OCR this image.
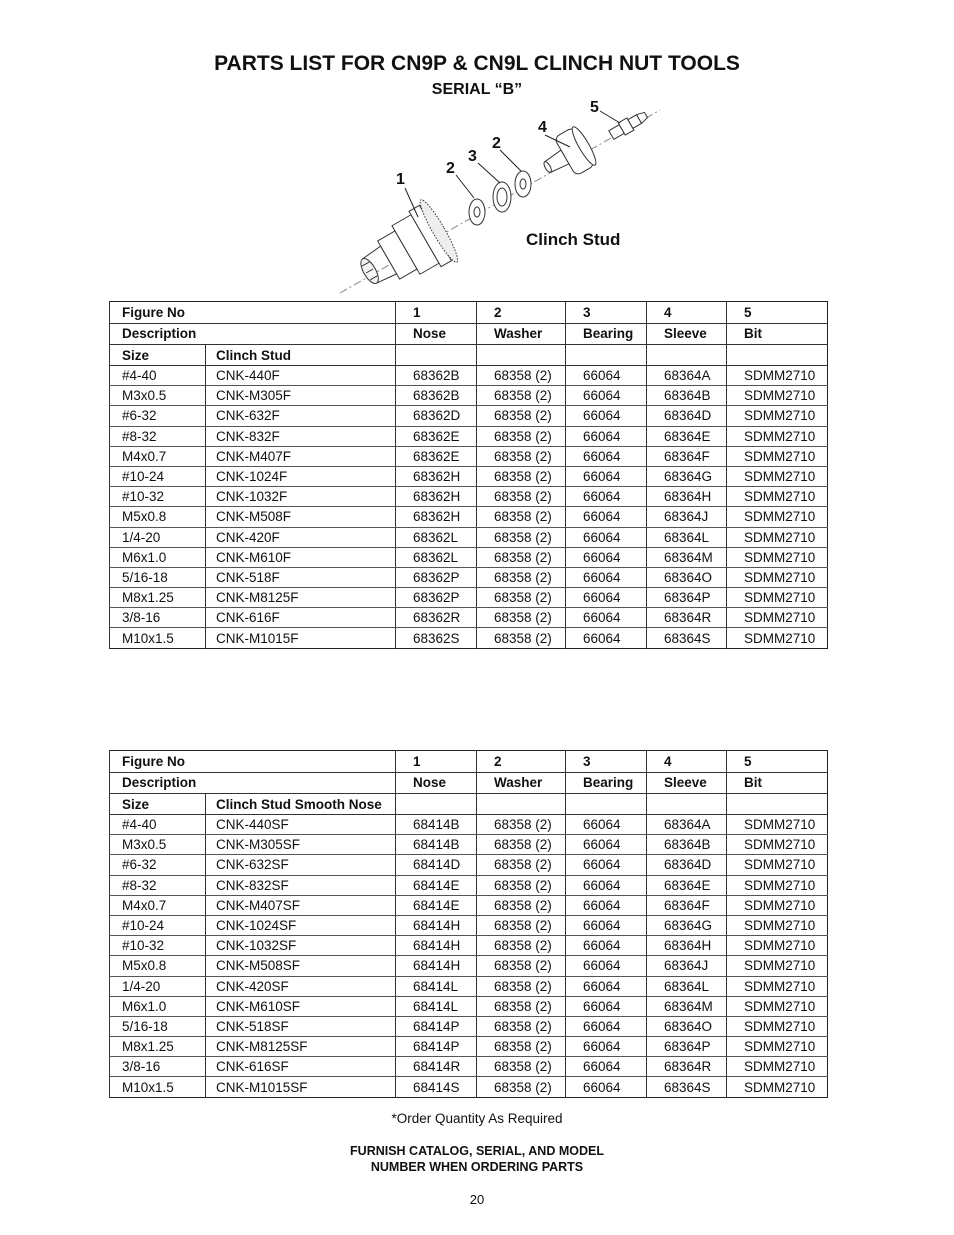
PARTS LIST FOR CN9P & CN9L CLINCH NUT TOOLS
SERIAL “B”
1
2
3
2
4
5
Clinch Stud
Figure No		1	2	3	4	5
Description		Nose	Washer	Bearing	Sleeve	Bit
Size	Clinch Stud					
#4-40	CNK-440F	68362B	68358 (2)	66064	68364A	SDMM2710
M3x0.5	CNK-M305F	68362B	68358 (2)	66064	68364B	SDMM2710
#6-32	CNK-632F	68362D	68358 (2)	66064	68364D	SDMM2710
#8-32	CNK-832F	68362E	68358 (2)	66064	68364E	SDMM2710
M4x0.7	CNK-M407F	68362E	68358 (2)	66064	68364F	SDMM2710
#10-24	CNK-1024F	68362H	68358 (2)	66064	68364G	SDMM2710
#10-32	CNK-1032F	68362H	68358 (2)	66064	68364H	SDMM2710
M5x0.8	CNK-M508F	68362H	68358 (2)	66064	68364J	SDMM2710
1/4-20	CNK-420F	68362L	68358 (2)	66064	68364L	SDMM2710
M6x1.0	CNK-M610F	68362L	68358 (2)	66064	68364M	SDMM2710
5/16-18	CNK-518F	68362P	68358 (2)	66064	68364O	SDMM2710
M8x1.25	CNK-M8125F	68362P	68358 (2)	66064	68364P	SDMM2710
3/8-16	CNK-616F	68362R	68358 (2)	66064	68364R	SDMM2710
M10x1.5	CNK-M1015F	68362S	68358 (2)	66064	68364S	SDMM2710
Figure No		1	2	3	4	5
Description		Nose	Washer	Bearing	Sleeve	Bit
Size	Clinch Stud Smooth Nose					
#4-40	CNK-440SF	68414B	68358 (2)	66064	68364A	SDMM2710
M3x0.5	CNK-M305SF	68414B	68358 (2)	66064	68364B	SDMM2710
#6-32	CNK-632SF	68414D	68358 (2)	66064	68364D	SDMM2710
#8-32	CNK-832SF	68414E	68358 (2)	66064	68364E	SDMM2710
M4x0.7	CNK-M407SF	68414E	68358 (2)	66064	68364F	SDMM2710
#10-24	CNK-1024SF	68414H	68358 (2)	66064	68364G	SDMM2710
#10-32	CNK-1032SF	68414H	68358 (2)	66064	68364H	SDMM2710
M5x0.8	CNK-M508SF	68414H	68358 (2)	66064	68364J	SDMM2710
1/4-20	CNK-420SF	68414L	68358 (2)	66064	68364L	SDMM2710
M6x1.0	CNK-M610SF	68414L	68358 (2)	66064	68364M	SDMM2710
5/16-18	CNK-518SF	68414P	68358 (2)	66064	68364O	SDMM2710
M8x1.25	CNK-M8125SF	68414P	68358 (2)	66064	68364P	SDMM2710
3/8-16	CNK-616SF	68414R	68358 (2)	66064	68364R	SDMM2710
M10x1.5	CNK-M1015SF	68414S	68358 (2)	66064	68364S	SDMM2710
*Order Quantity As Required
FURNISH CATALOG, SERIAL, AND MODEL
NUMBER WHEN ORDERING PARTS
20
